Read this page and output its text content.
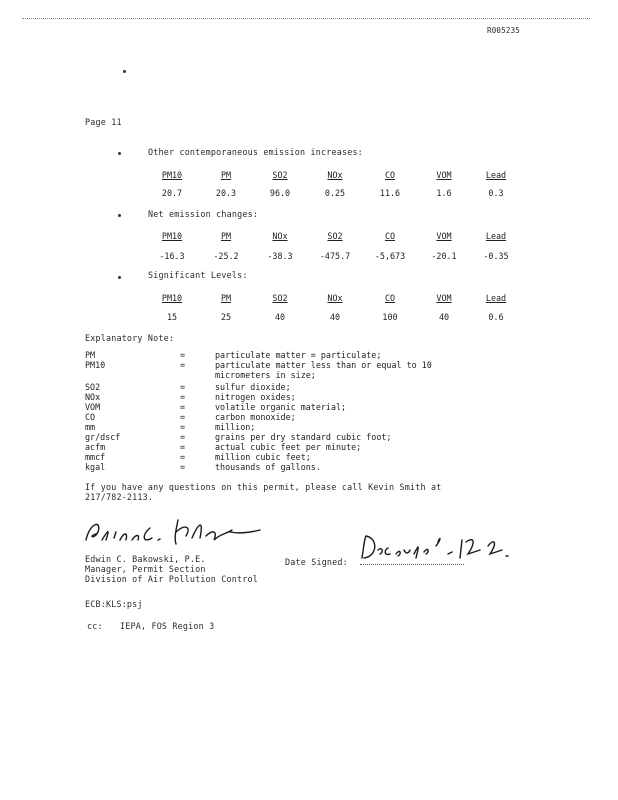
R005235
Page 11
Other contemporaneous emission increases:
PM10	PM	SO2	NOx	CO	VOM	Lead
20.7	20.3	96.0	0.25	11.6	1.6	0.3
Net emission changes:
PM10	PM	NOx	SO2	CO	VOM	Lead
-16.3	-25.2	-38.3	-475.7	-5,673	-20.1	-0.35
Significant Levels:
PM10	PM	SO2	NOx	CO	VOM	Lead
15	25	40	40	100	40	0.6
Explanatory Note:
PM	=	particulate matter = particulate;
PM10	=	particulate matter less than or equal to 10
micrometers in size;
SO2	=	sulfur dioxide;
NOx	=	nitrogen oxides;
VOM	=	volatile organic material;
CO	=	carbon monoxide;
mm	=	million;
gr/dscf	=	grains per dry standard cubic foot;
acfm	=	actual cubic feet per minute;
mmcf	=	million cubic feet;
kgal	=	thousands of gallons.
If you have any questions on this permit, please call Kevin Smith at
217/782-2113.
Date Signed:
Edwin C. Bakowski, P.E.
Manager, Permit Section
Division of Air Pollution Control
ECB:KLS:psj
cc: IEPA, FOS Region 3
